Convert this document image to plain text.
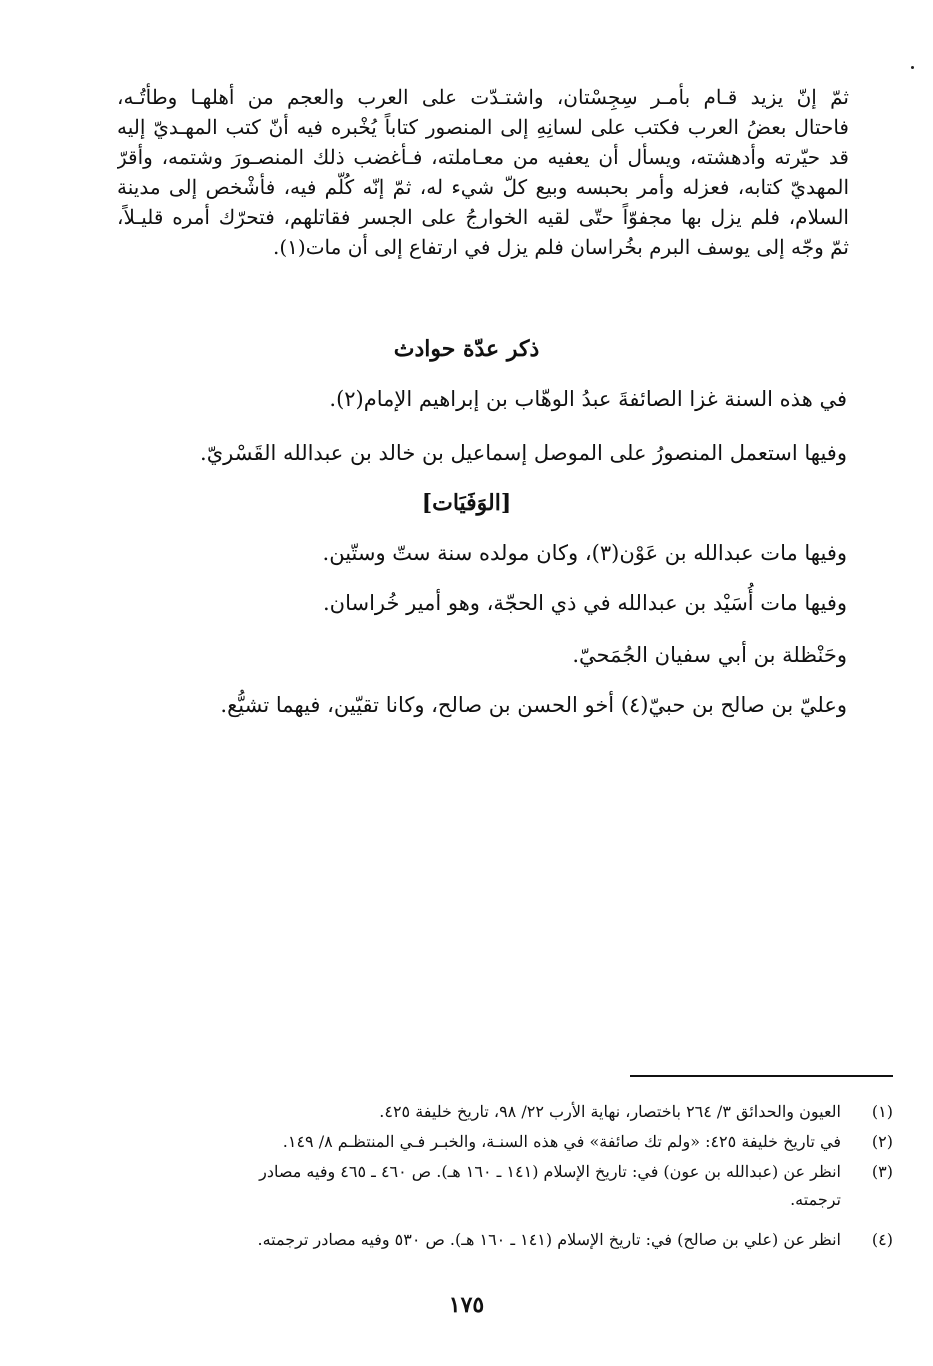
ثمّ إنّ يزيد قـام بأمـر سِجِسْتان، واشتـدّت على العرب والعجم من أهلهـا وطأتُـه،
فاحتال بعضُ العرب فكتب على لسانِهِ إلى المنصور كتاباً يُخْبره فيه أنّ كتب المهـديّ إليه
قد حيّرته وأدهشته، ويسأل أن يعفيه من معـاملته، فـأغضب ذلك المنصـورَ وشتمه، وأقرّ
المهديّ كتابه، فعزله وأمر بحبسه وبيع كلّ شيء له، ثمّ إنّه كُلّم فيه، فأُشْخص إلى مدينة
السلام، فلم يزل بها مجفوّاً حتّى لقيه الخوارجُ على الجسر فقاتلهم، فتحرّك أمره قليـلاً،
ثمّ وجّه إلى يوسف البرم بخُراسان فلم يزل في ارتفاع إلى أن مات(١).
ذكر عدّة حوادث
في هذه السنة غزا الصائفةَ عبدُ الوهّاب بن إبراهيم الإمام(٢).
وفيها استعمل المنصورُ على الموصل إسماعيل بن خالد بن عبدالله القَسْريّ.
[الوَفَيَات]
وفيها مات عبدالله بن عَوْن(٣)، وكان مولده سنة ستّ وستّين.
وفيها مات أُسَيْد بن عبدالله في ذي الحجّة، وهو أمير خُراسان.
وحَنْظلة بن أبي سفيان الجُمَحيّ.
وعليّ بن صالح بن حبيّ(٤) أخو الحسن بن صالح، وكانا تقيّين، فيهما تشيُّع.
(١)
العيون والحدائق ٣/ ٢٦٤ باختصار، نهاية الأرب ٢٢/ ٩٨، تاريخ خليفة ٤٢٥.
(٢)
في تاريخ خليفة ٤٢٥: «ولم تك صائفة» في هذه السنـة، والخبـر فـي المنتظـم ٨/ ١٤٩.
(٣)
انظر عن (عبدالله بن عون) في: تاريخ الإسلام (١٤١ ـ ١٦٠ هـ). ص ٤٦٠ ـ ٤٦٥ وفيه مصادر
ترجمته.
(٤)
انظر عن (علي بن صالح) في: تاريخ الإسلام (١٤١ ـ ١٦٠ هـ). ص ٥٣٠ وفيه مصادر ترجمته.
١٧٥
